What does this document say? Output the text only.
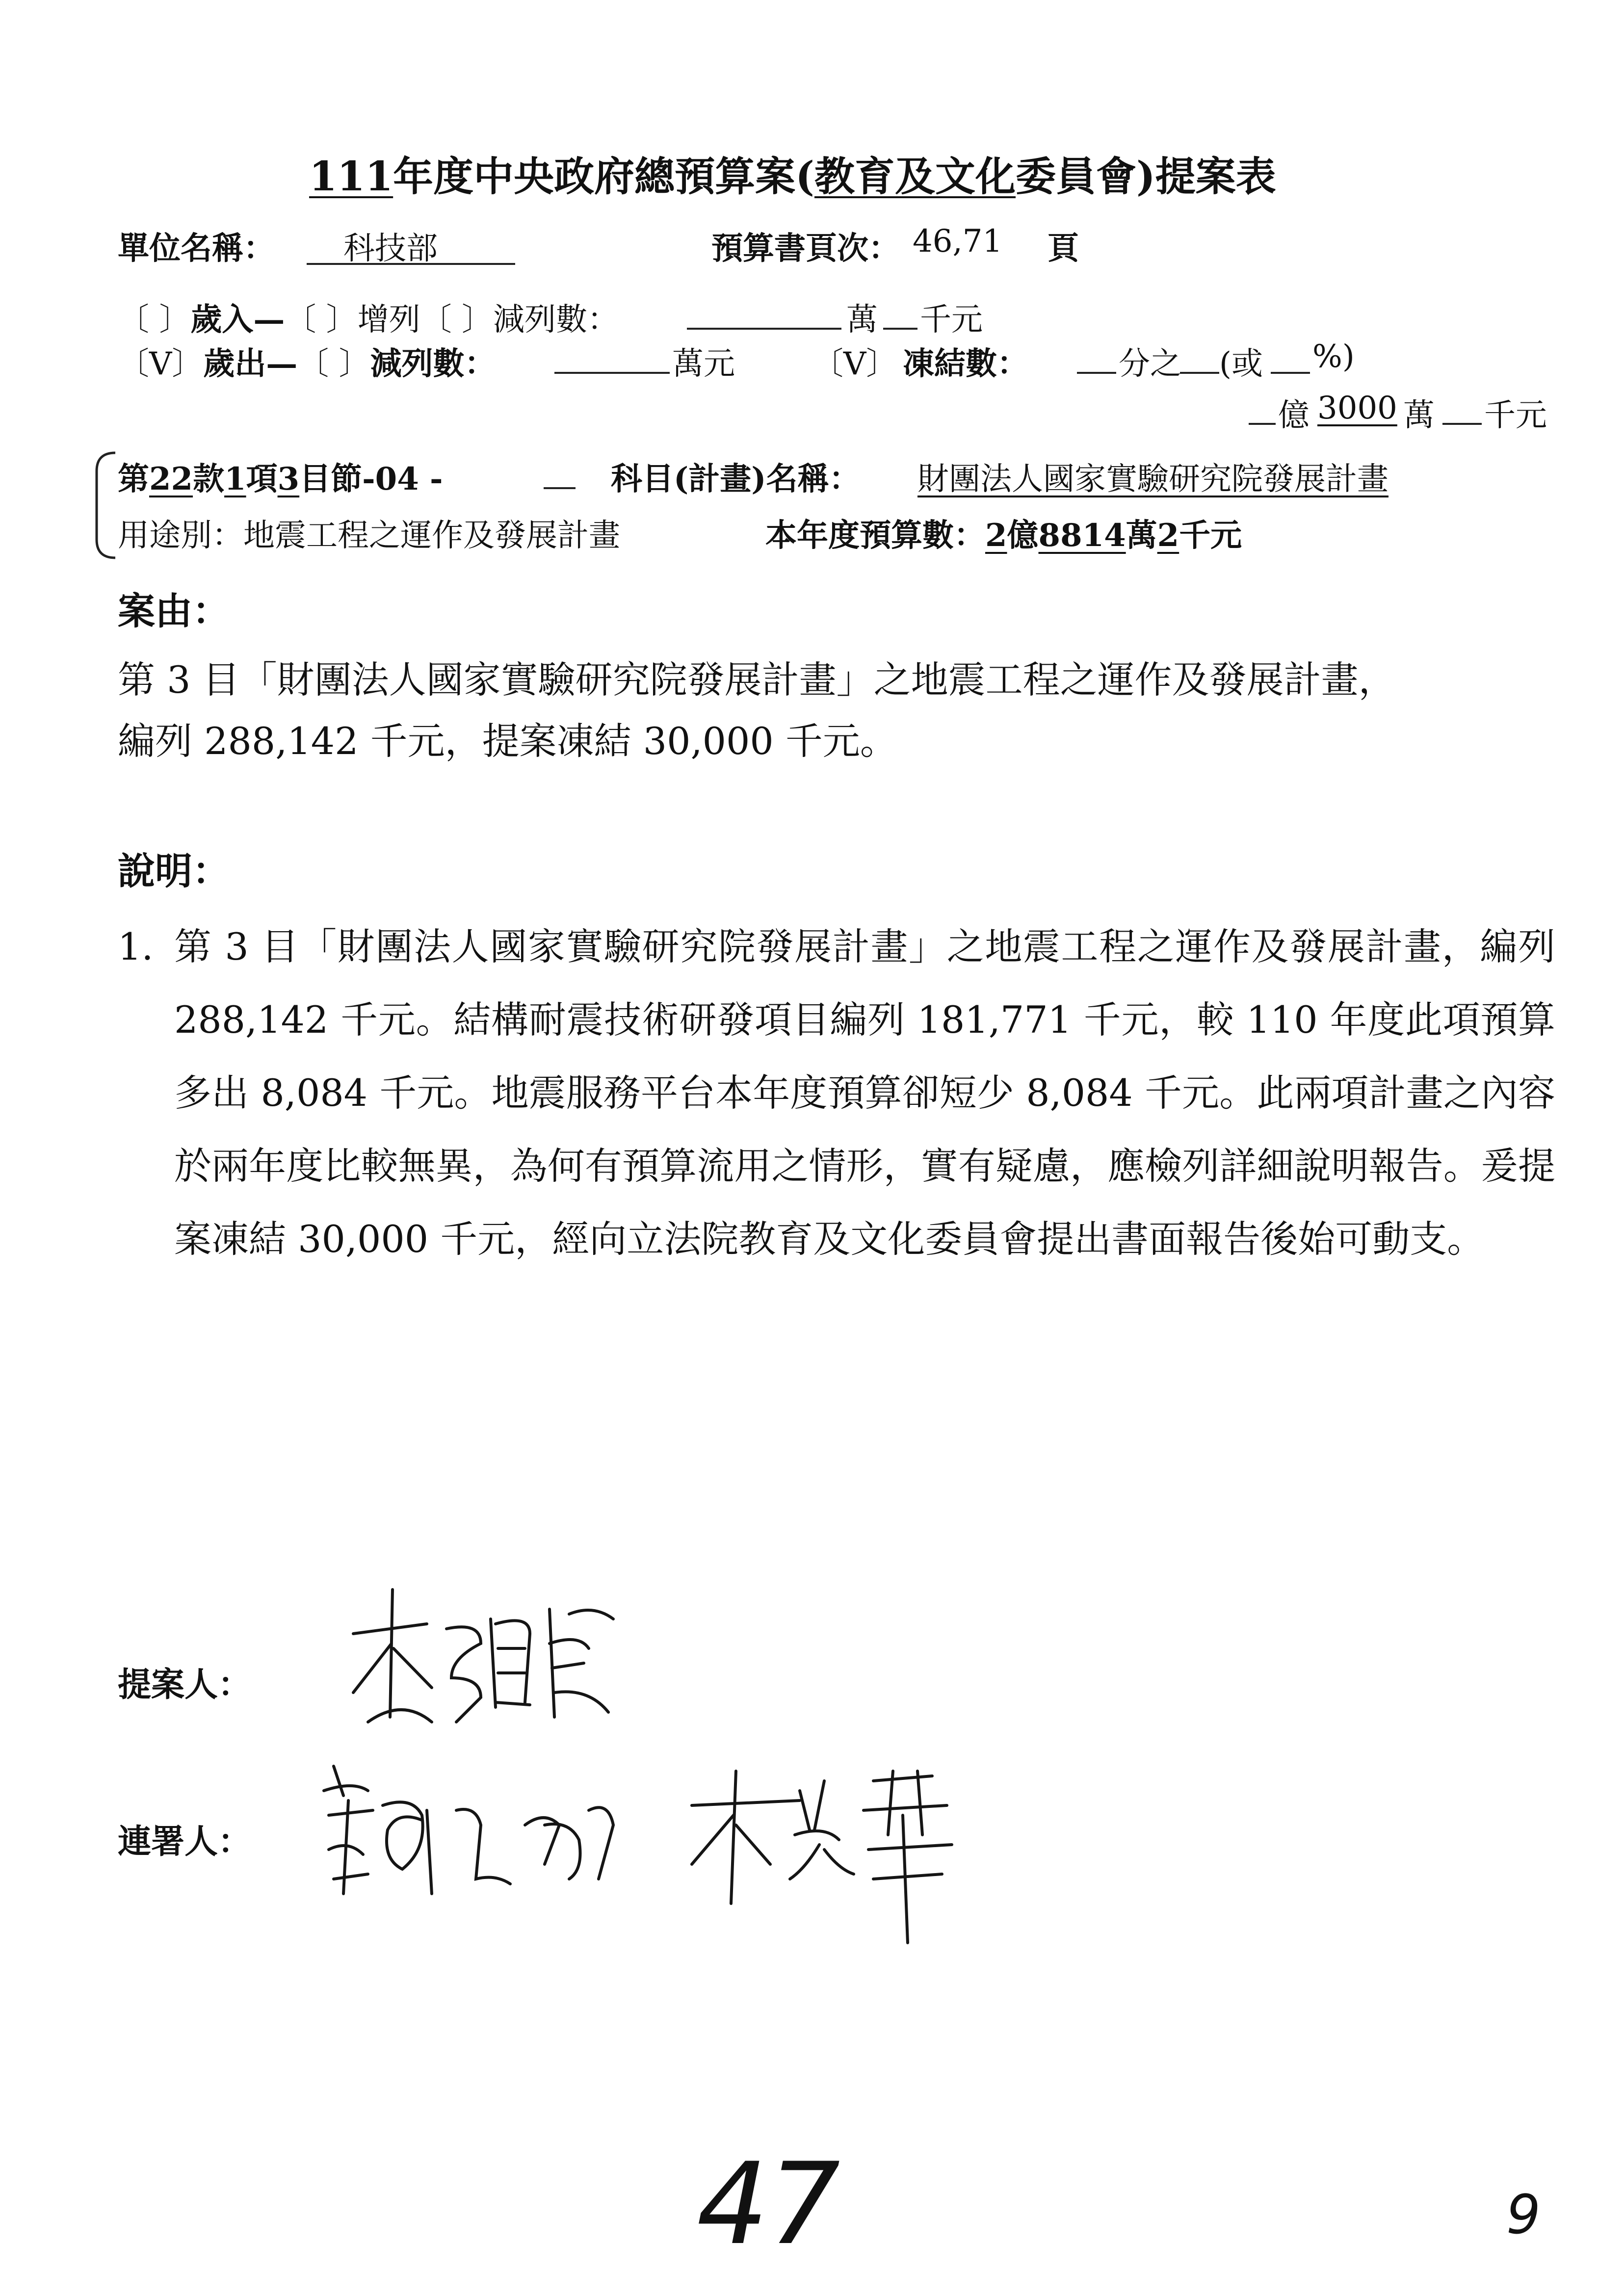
111年度中央政府總預算案(教育及文化委員會)提案表
單位名稱： 科技部	預算書頁次： 46,71 頁
〔 〕歲入—〔 〕增列〔 〕減列數：	萬 千元
〔V〕歲出—〔 〕減列數：	萬元 〔V〕 凍結數：	分之 (或 %)
億 3000 萬 千元
第22款1項3目節-04 -	科目(計畫)名稱： 財團法人國家實驗研究院發展計畫
用途別：地震工程之運作及發展計畫	本年度預算數：2億8814萬2千元
案由：
第 3 目「財團法人國家實驗研究院發展計畫」之地震工程之運作及發展計畫，
編列 288,142 千元，提案凍結 30,000 千元。
說明：
1. 第 3 目「財團法人國家實驗研究院發展計畫」之地震工程之運作及發展計畫，編列 288,142 千元。結構耐震技術研發項目編列 181,771 千元，較 110 年度此項預算多出 8,084 千元。地震服務平台本年度預算卻短少 8,084 千元。此兩項計畫之內容於兩年度比較無異，為何有預算流用之情形，實有疑慮，應檢列詳細說明報告。爰提案凍結 30,000 千元，經向立法院教育及文化委員會提出書面報告後始可動支。
提案人：
連署人：
47	9
